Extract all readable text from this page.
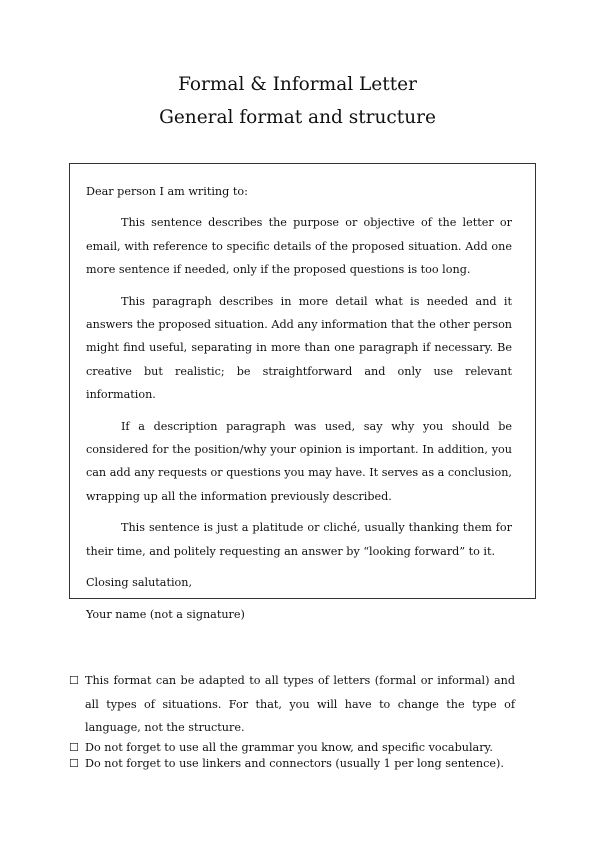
Formal & Informal Letter
General format and structure

Dear person I am writing to:

This sentence describes the purpose or objective of the letter or email, with reference to specific details of the proposed situation. Add one more sentence if needed, only if the proposed questions is too long.

This paragraph describes in more detail what is needed and it answers the proposed situation. Add any information that the other person might find useful, separating in more than one paragraph if necessary. Be creative but realistic; be straightforward and only use relevant information.

If a description paragraph was used, say why you should be considered for the position/why your opinion is important. In addition, you can add any requests or questions you may have. It serves as a conclusion, wrapping up all the information previously described.

This sentence is just a platitude or cliché, usually thanking them for their time, and politely requesting an answer by “looking forward” to it.

Closing salutation,

Your name (not a signature)

☐ This format can be adapted to all types of letters (formal or informal) and all types of situations. For that, you will have to change the type of language, not the structure.
☐ Do not forget to use all the grammar you know, and specific vocabulary.
☐ Do not forget to use linkers and connectors (usually 1 per long sentence).
